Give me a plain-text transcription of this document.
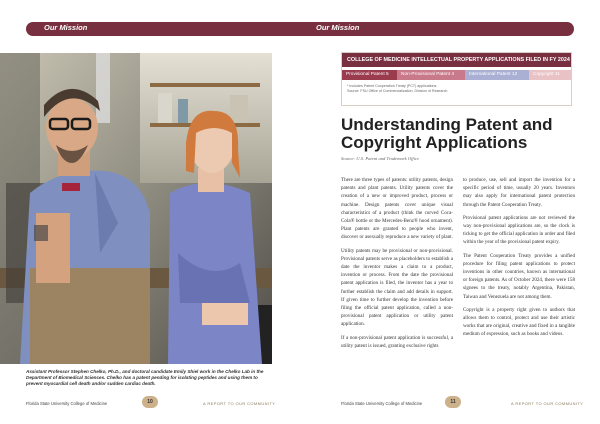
Our Mission
Assistant Professor Stephen Chelko, Ph.D., and doctoral candidate Emily Shiel work in the Chelko Lab in the Department of Biomedical Sciences. Chelko has a patent pending for isolating peptides and using them to prevent myocardial cell death and/or sudden cardiac death.
Florida State University College of Medicine	10	A REPORT TO OUR COMMUNITY
Our Mission
COLLEGE OF MEDICINE INTELLECTUAL PROPERTY APPLICATIONS FILED IN FY 2024
Provisional Patent 5	Non-Provisional Patent 4	International Patent 12	Copyright 11
* Includes Patent Cooperation Treaty (PCT) applications
Source: FSU Office of Commercialization, Division of Research
Understanding Patent and Copyright Applications
Source: U.S. Patent and Trademark Office

There are three types of patents: utility patents, design patents and plant patents. Utility patents cover the creation of a new or improved product, process or machine. Design patents cover unique visual characteristics of a product (think the curved Coca-Cola® bottle or the Mercedes-Benz® hood ornament). Plant patents are granted to people who invent, discover or asexually reproduce a new variety of plant.

Utility patents may be provisional or non-provisional. Provisional patents serve as placeholders to establish a date the inventor makes a claim to a product, invention or process. From the date the provisional patent application is filed, the inventor has a year to further establish the claim and add details in support. If given time to further develop the invention before filing the official patent application, called a non-provisional patent application or utility patent application.

If a non-provisional patent application is successful, a utility patent is issued, granting exclusive rights

to produce, use, sell and import the invention for a specific period of time, usually 20 years. Inventors may also apply for international patent protection through the Patent Cooperation Treaty.

Provisional patent applications are not reviewed the way non-provisional applications are, so the clock is ticking to get the official application in order and filed within the year of the provisional patent expiry.

The Patent Cooperation Treaty provides a unified procedure for filing patent applications to protect inventions in other countries, known as international or foreign patents. As of October 2024, there were 158 signees to the treaty, notably Argentina, Pakistan, Taiwan and Venezuela are not among them.

Copyright is a property right given to authors that allows them to control, protect and use their artistic works that are original, creative and fixed in a tangible medium of expression, such as books and videos.

Florida State University College of Medicine	11	A REPORT TO OUR COMMUNITY
